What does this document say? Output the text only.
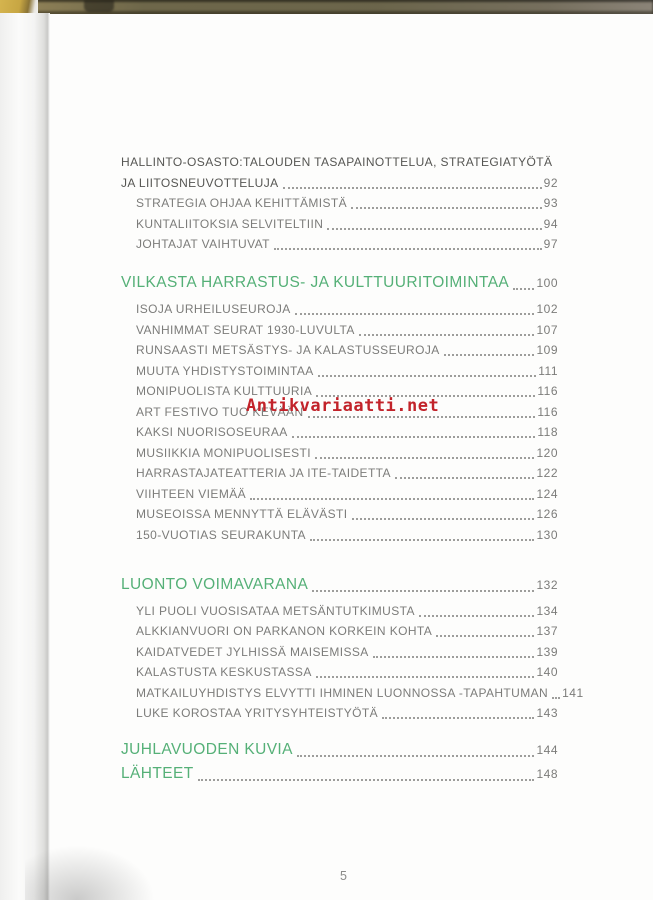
HALLINTO-OSASTO:TALOUDEN TASAPAINOTTELUA, STRATEGIATYÖTÄ
JA LIITOSNEUVOTTELUJA	92
STRATEGIA OHJAA KEHITTÄMISTÄ	93
KUNTALIITOKSIA SELVITELTIIN	94
JOHTAJAT VAIHTUVAT	97
VILKASTA HARRASTUS- JA KULTTUURITOIMINTAA 100
ISOJA URHEILUSEUROJA	102
VANHIMMAT SEURAT 1930-LUVULTA	107
RUNSAASTI METSÄSTYS- JA KALASTUSSEUROJA	109
MUUTA YHDISTYSTOIMINTAA	111
MONIPUOLISTA KULTTUURIA	116
ART FESTIVO TUO KEVÄÄN	116
KAKSI NUORISOSEURAA	118
MUSIIKKIA MONIPUOLISESTI	120
HARRASTAJATEATTERIA JA ITE-TAIDETTA	122
VIIHTEEN VIEMÄÄ	124
MUSEOISSA MENNYTTÄ ELÄVÄSTI	126
150-VUOTIAS SEURAKUNTA	130
LUONTO VOIMAVARANA	132
YLI PUOLI VUOSISATAA METSÄNTUTKIMUSTA	134
ALKKIANVUORI ON PARKANON KORKEIN KOHTA	137
KAIDATVEDET JYLHISSÄ MAISEMISSA	139
KALASTUSTA KESKUSTASSA	140
MATKAILUYHDISTYS ELVYTTI IHMINEN LUONNOSSA -TAPAHTUMAN 141
LUKE KOROSTAA YRITYSYHTEISTYÖTÄ	143
JUHLAVUODEN KUVIA	144
LÄHTEET	148
Antikvariaatti.net
5
